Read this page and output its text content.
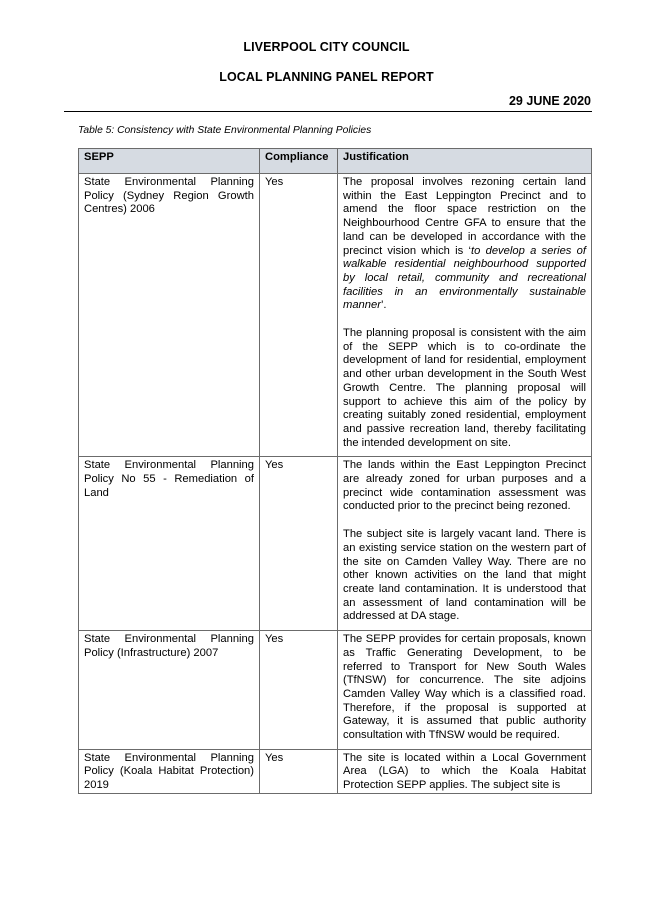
LIVERPOOL CITY COUNCIL
LOCAL PLANNING PANEL REPORT
29 JUNE 2020
Table 5: Consistency with State Environmental Planning Policies
SEPP	Compliance	Justification
State Environmental Planning Policy (Sydney Region Growth Centres) 2006	Yes	The proposal involves rezoning certain land within the East Leppington Precinct and to amend the floor space restriction on the Neighbourhood Centre GFA to ensure that the land can be developed in accordance with the precinct vision which is ‘to develop a series of walkable residential neighbourhood supported by local retail, community and recreational facilities in an environmentally sustainable manner’.

The planning proposal is consistent with the aim of the SEPP which is to co-ordinate the development of land for residential, employment and other urban development in the South West Growth Centre. The planning proposal will support to achieve this aim of the policy by creating suitably zoned residential, employment and passive recreation land, thereby facilitating the intended development on site.

State Environmental Planning Policy No 55 - Remediation of Land	Yes	The lands within the East Leppington Precinct are already zoned for urban purposes and a precinct wide contamination assessment was conducted prior to the precinct being rezoned.

The subject site is largely vacant land. There is an existing service station on the western part of the site on Camden Valley Way. There are no other known activities on the land that might create land contamination. It is understood that an assessment of land contamination will be addressed at DA stage.

State Environmental Planning Policy (Infrastructure) 2007	Yes	The SEPP provides for certain proposals, known as Traffic Generating Development, to be referred to Transport for New South Wales (TfNSW) for concurrence. The site adjoins Camden Valley Way which is a classified road. Therefore, if the proposal is supported at Gateway, it is assumed that public authority consultation with TfNSW would be required.

State Environmental Planning Policy (Koala Habitat Protection) 2019	Yes	The site is located within a Local Government Area (LGA) to which the Koala Habitat Protection SEPP applies. The subject site is
